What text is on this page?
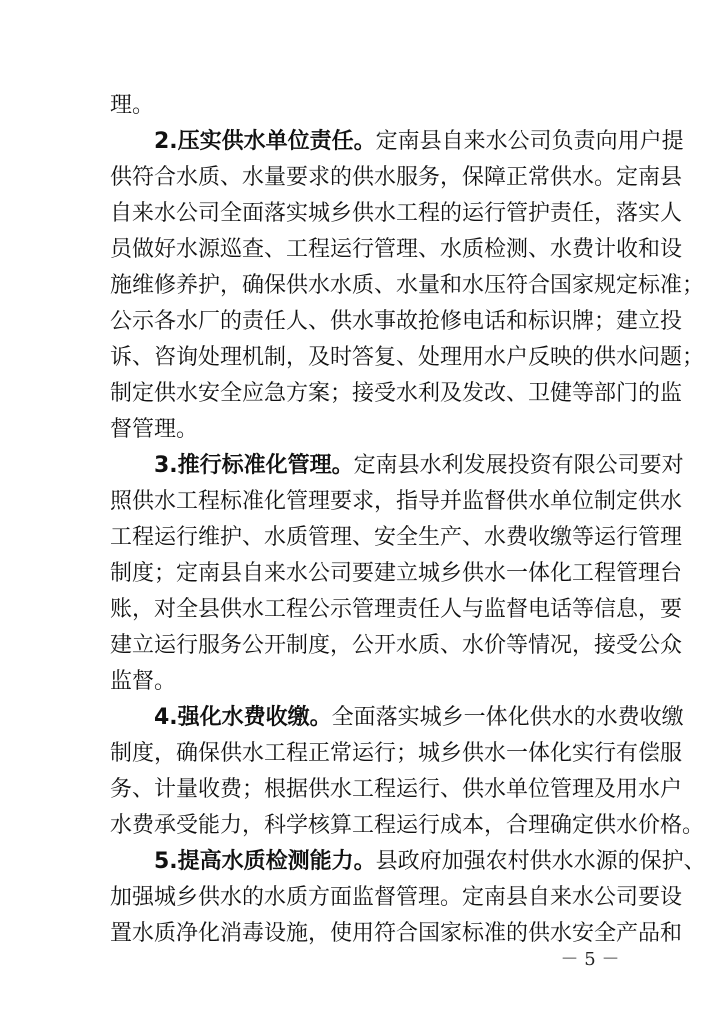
理。
2.压实供水单位责任。定南县自来水公司负责向用户提
供符合水质、水量要求的供水服务，保障正常供水。定南县
自来水公司全面落实城乡供水工程的运行管护责任，落实人
员做好水源巡查、工程运行管理、水质检测、水费计收和设
施维修养护，确保供水水质、水量和水压符合国家规定标准；
公示各水厂的责任人、供水事故抢修电话和标识牌；建立投
诉、咨询处理机制，及时答复、处理用水户反映的供水问题；
制定供水安全应急方案；接受水利及发改、卫健等部门的监
督管理。
3.推行标准化管理。定南县水利发展投资有限公司要对
照供水工程标准化管理要求，指导并监督供水单位制定供水
工程运行维护、水质管理、安全生产、水费收缴等运行管理
制度；定南县自来水公司要建立城乡供水一体化工程管理台
账，对全县供水工程公示管理责任人与监督电话等信息，要
建立运行服务公开制度，公开水质、水价等情况，接受公众
监督。
4.强化水费收缴。全面落实城乡一体化供水的水费收缴
制度，确保供水工程正常运行；城乡供水一体化实行有偿服
务、计量收费；根据供水工程运行、供水单位管理及用水户
水费承受能力，科学核算工程运行成本，合理确定供水价格。
5.提高水质检测能力。县政府加强农村供水水源的保护、
加强城乡供水的水质方面监督管理。定南县自来水公司要设
置水质净化消毒设施，使用符合国家标准的供水安全产品和
－ 5 －
